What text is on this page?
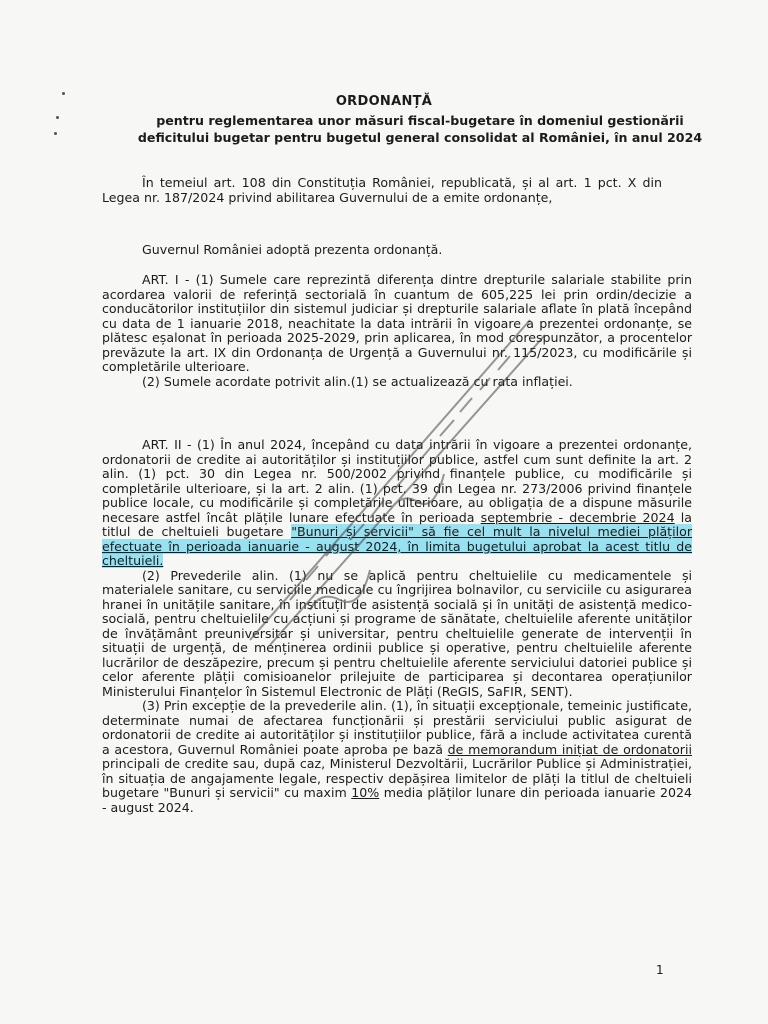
ORDONANȚĂ
pentru reglementarea unor măsuri fiscal-bugetare în domeniul gestionării
deficitului bugetar pentru bugetul general consolidat al României, în anul 2024

În temeiul art. 108 din Constituția României, republicată, și al art. 1 pct. X din Legea nr. 187/2024 privind abilitarea Guvernului de a emite ordonanțe,

Guvernul României adoptă prezenta ordonanță.

ART. I - (1) Sumele care reprezintă diferența dintre drepturile salariale stabilite prin acordarea valorii de referință sectorială în cuantum de 605,225 lei prin ordin/decizie a conducătorilor instituțiilor din sistemul judiciar și drepturile salariale aflate în plată începând cu data de 1 ianuarie 2018, neachitate la data intrării în vigoare a prezentei ordonanțe, se plătesc eșalonat în perioada 2025-2029, prin aplicarea, în mod corespunzător, a procentelor prevăzute la art. IX din Ordonanța de Urgență a Guvernului nr. 115/2023, cu modificările și completările ulterioare.

(2) Sumele acordate potrivit alin.(1) se actualizează cu rata inflației.

ART. II - (1) În anul 2024, începând cu data intrării în vigoare a prezentei ordonanțe, ordonatorii de credite ai autorităților și instituțiilor publice, astfel cum sunt definite la art. 2 alin. (1) pct. 30 din Legea nr. 500/2002 privind finanțele publice, cu modificările și completările ulterioare, și la art. 2 alin. (1) pct. 39 din Legea nr. 273/2006 privind finanțele publice locale, cu modificările și completările ulterioare, au obligația de a dispune măsurile necesare astfel încât plățile lunare efectuate în perioada septembrie - decembrie 2024 la titlul de cheltuieli bugetare "Bunuri și servicii" să fie cel mult la nivelul mediei plăților efectuate în perioada ianuarie - august 2024, în limita bugetului aprobat la acest titlu de cheltuieli.

(2) Prevederile alin. (1) nu se aplică pentru cheltuielile cu medicamentele și materialele sanitare, cu serviciile medicale cu îngrijirea bolnavilor, cu serviciile cu asigurarea hranei în unitățile sanitare, în instituții de asistență socială și în unități de asistență medico-socială, pentru cheltuielile cu acțiuni și programe de sănătate, cheltuielile aferente unităților de învățământ preuniversitar și universitar, pentru cheltuielile generate de intervenții în situații de urgență, de menținerea ordinii publice și operative, pentru cheltuielile aferente lucrărilor de deszăpezire, precum și pentru cheltuielile aferente serviciului datoriei publice și celor aferente plății comisioanelor prilejuite de participarea și decontarea operațiunilor Ministerului Finanțelor în Sistemul Electronic de Plăți (ReGIS, SaFIR, SENT).

(3) Prin excepție de la prevederile alin. (1), în situații excepționale, temeinic justificate, determinate numai de afectarea funcționării și prestării serviciului public asigurat de ordonatorii de credite ai autorităților și instituțiilor publice, fără a include activitatea curentă a acestora, Guvernul României poate aproba pe bază de memorandum inițiat de ordonatorii principali de credite sau, după caz, Ministerul Dezvoltării, Lucrărilor Publice și Administrației, în situația de angajamente legale, respectiv depășirea limitelor de plăți la titlul de cheltuieli bugetare "Bunuri și servicii" cu maxim 10% media plăților lunare din perioada ianuarie 2024 - august 2024.

1
